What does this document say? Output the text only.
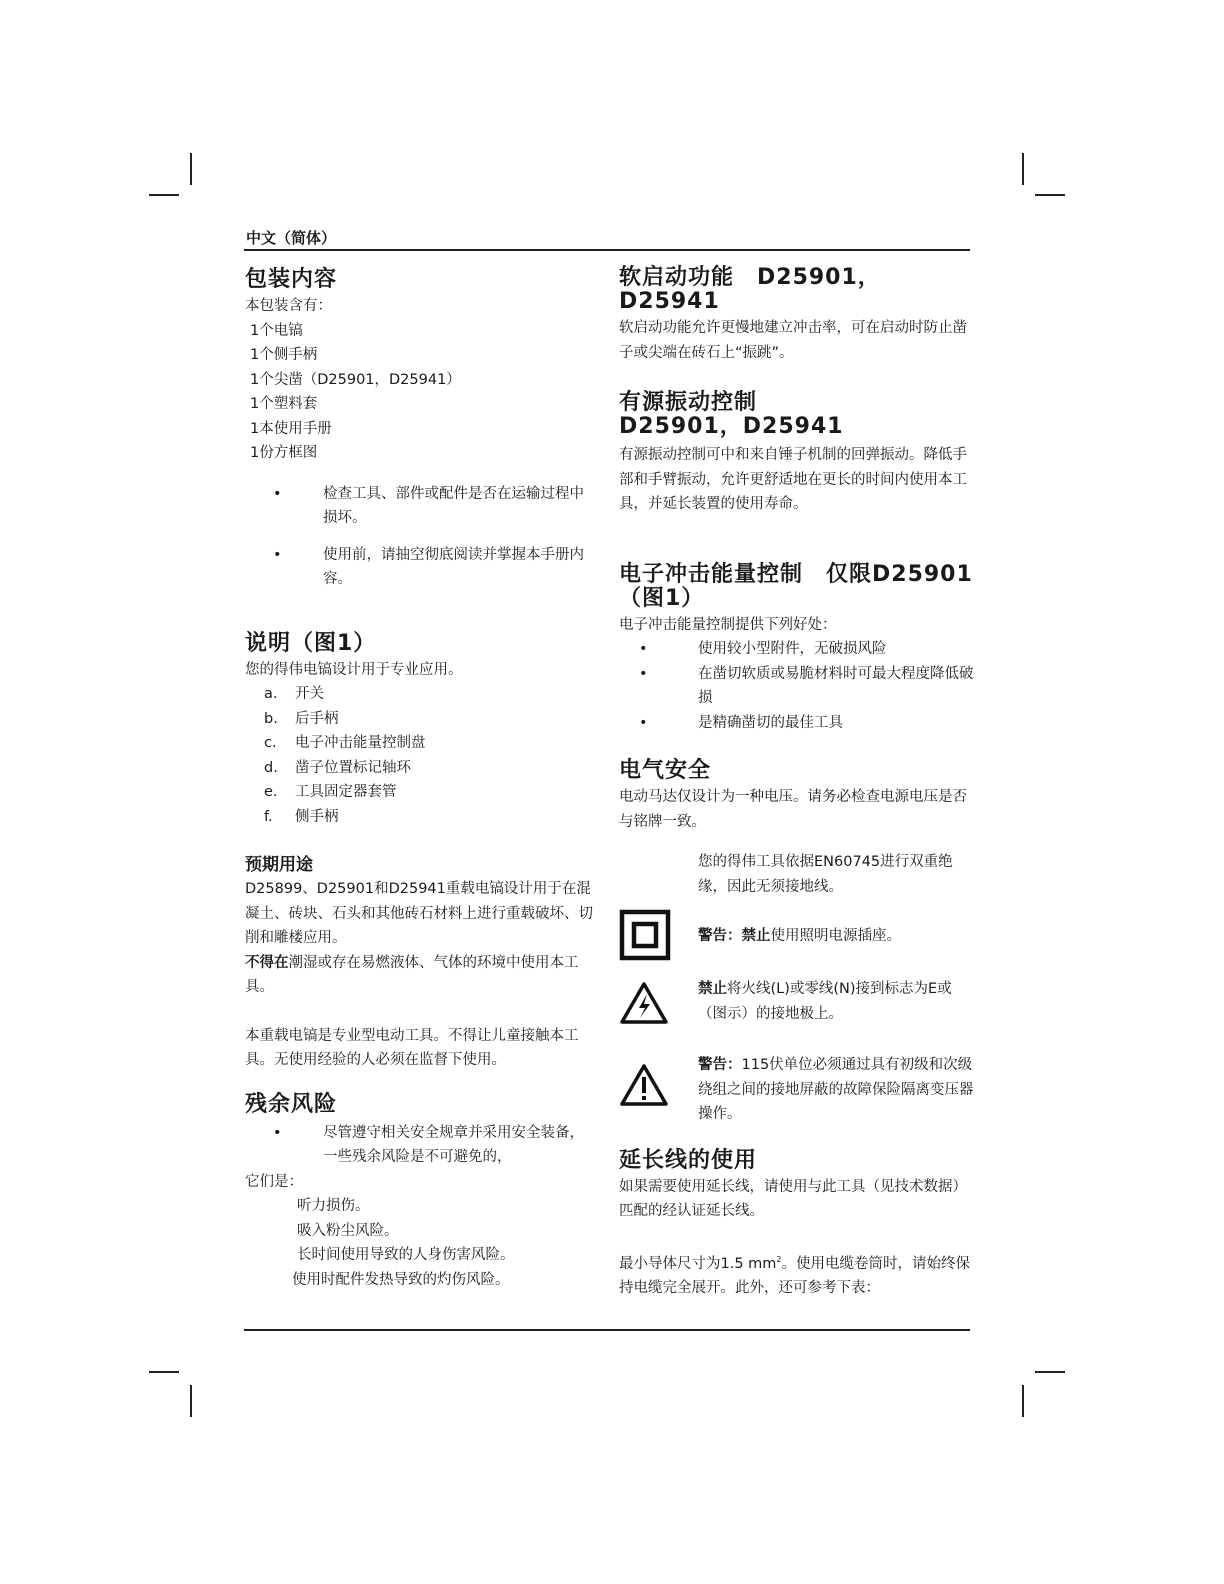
中文（简体）
包装内容

本包装含有：

1个电镐

1个侧手柄

1个尖凿（D25901，D25941）

1个塑料套

1本使用手册

1份方框图

•	检查工具、部件或配件是否在运输过程中损坏。

•	使用前，请抽空彻底阅读并掌握本手册内容。

说明（图1）

您的得伟电镐设计用于专业应用。

a.	开关

b.	后手柄

c.	电子冲击能量控制盘

d.	凿子位置标记轴环

e.	工具固定器套管

f.	侧手柄

预期用途

D25899、D25901和D25941重载电镐设计用于在混凝土、砖块、石头和其他砖石材料上进行重载破坏、切削和雕楼应用。

不得在潮湿或存在易燃液体、气体的环境中使用本工具。

本重载电镐是专业型电动工具。不得让儿童接触本工具。无使用经验的人必须在监督下使用。

残余风险

•	尽管遵守相关安全规章并采用安全装备，一些残余风险是不可避免的，

它们是：

听力损伤。

吸入粉尘风险。

长时间使用导致的人身伤害风险。

使用时配件发热导致的灼伤风险。

软启动功能　D25901，D25941

软启动功能允许更慢地建立冲击率，可在启动时防止凿子或尖端在砖石上“振跳”。

有源振动控制
D25901，D25941

有源振动控制可中和来自锤子机制的回弹振动。降低手部和手臂振动，允许更舒适地在更长的时间内使用本工具，并延长装置的使用寿命。

电子冲击能量控制　仅限D25901
（图1）

电子冲击能量控制提供下列好处：

•	使用较小型附件，无破损风险

•	在凿切软质或易脆材料时可最大程度降低破损

•	是精确凿切的最佳工具

电气安全

电动马达仅设计为一种电压。请务必检查电源电压是否与铭牌一致。

您的得伟工具依据EN60745进行双重绝缘，因此无须接地线。

警告：禁止使用照明电源插座。

禁止将火线(L)或零线(N)接到标志为E或（图示）的接地极上。

警告：115伏单位必须通过具有初级和次级绕组之间的接地屏蔽的故障保险隔离变压器操作。

延长线的使用

如果需要使用延长线，请使用与此工具（见技术数据）匹配的经认证延长线。

最小导体尺寸为1.5 $mm^2$。使用电缆卷筒时，请始终保持电缆完全展开。此外，还可参考下表：
